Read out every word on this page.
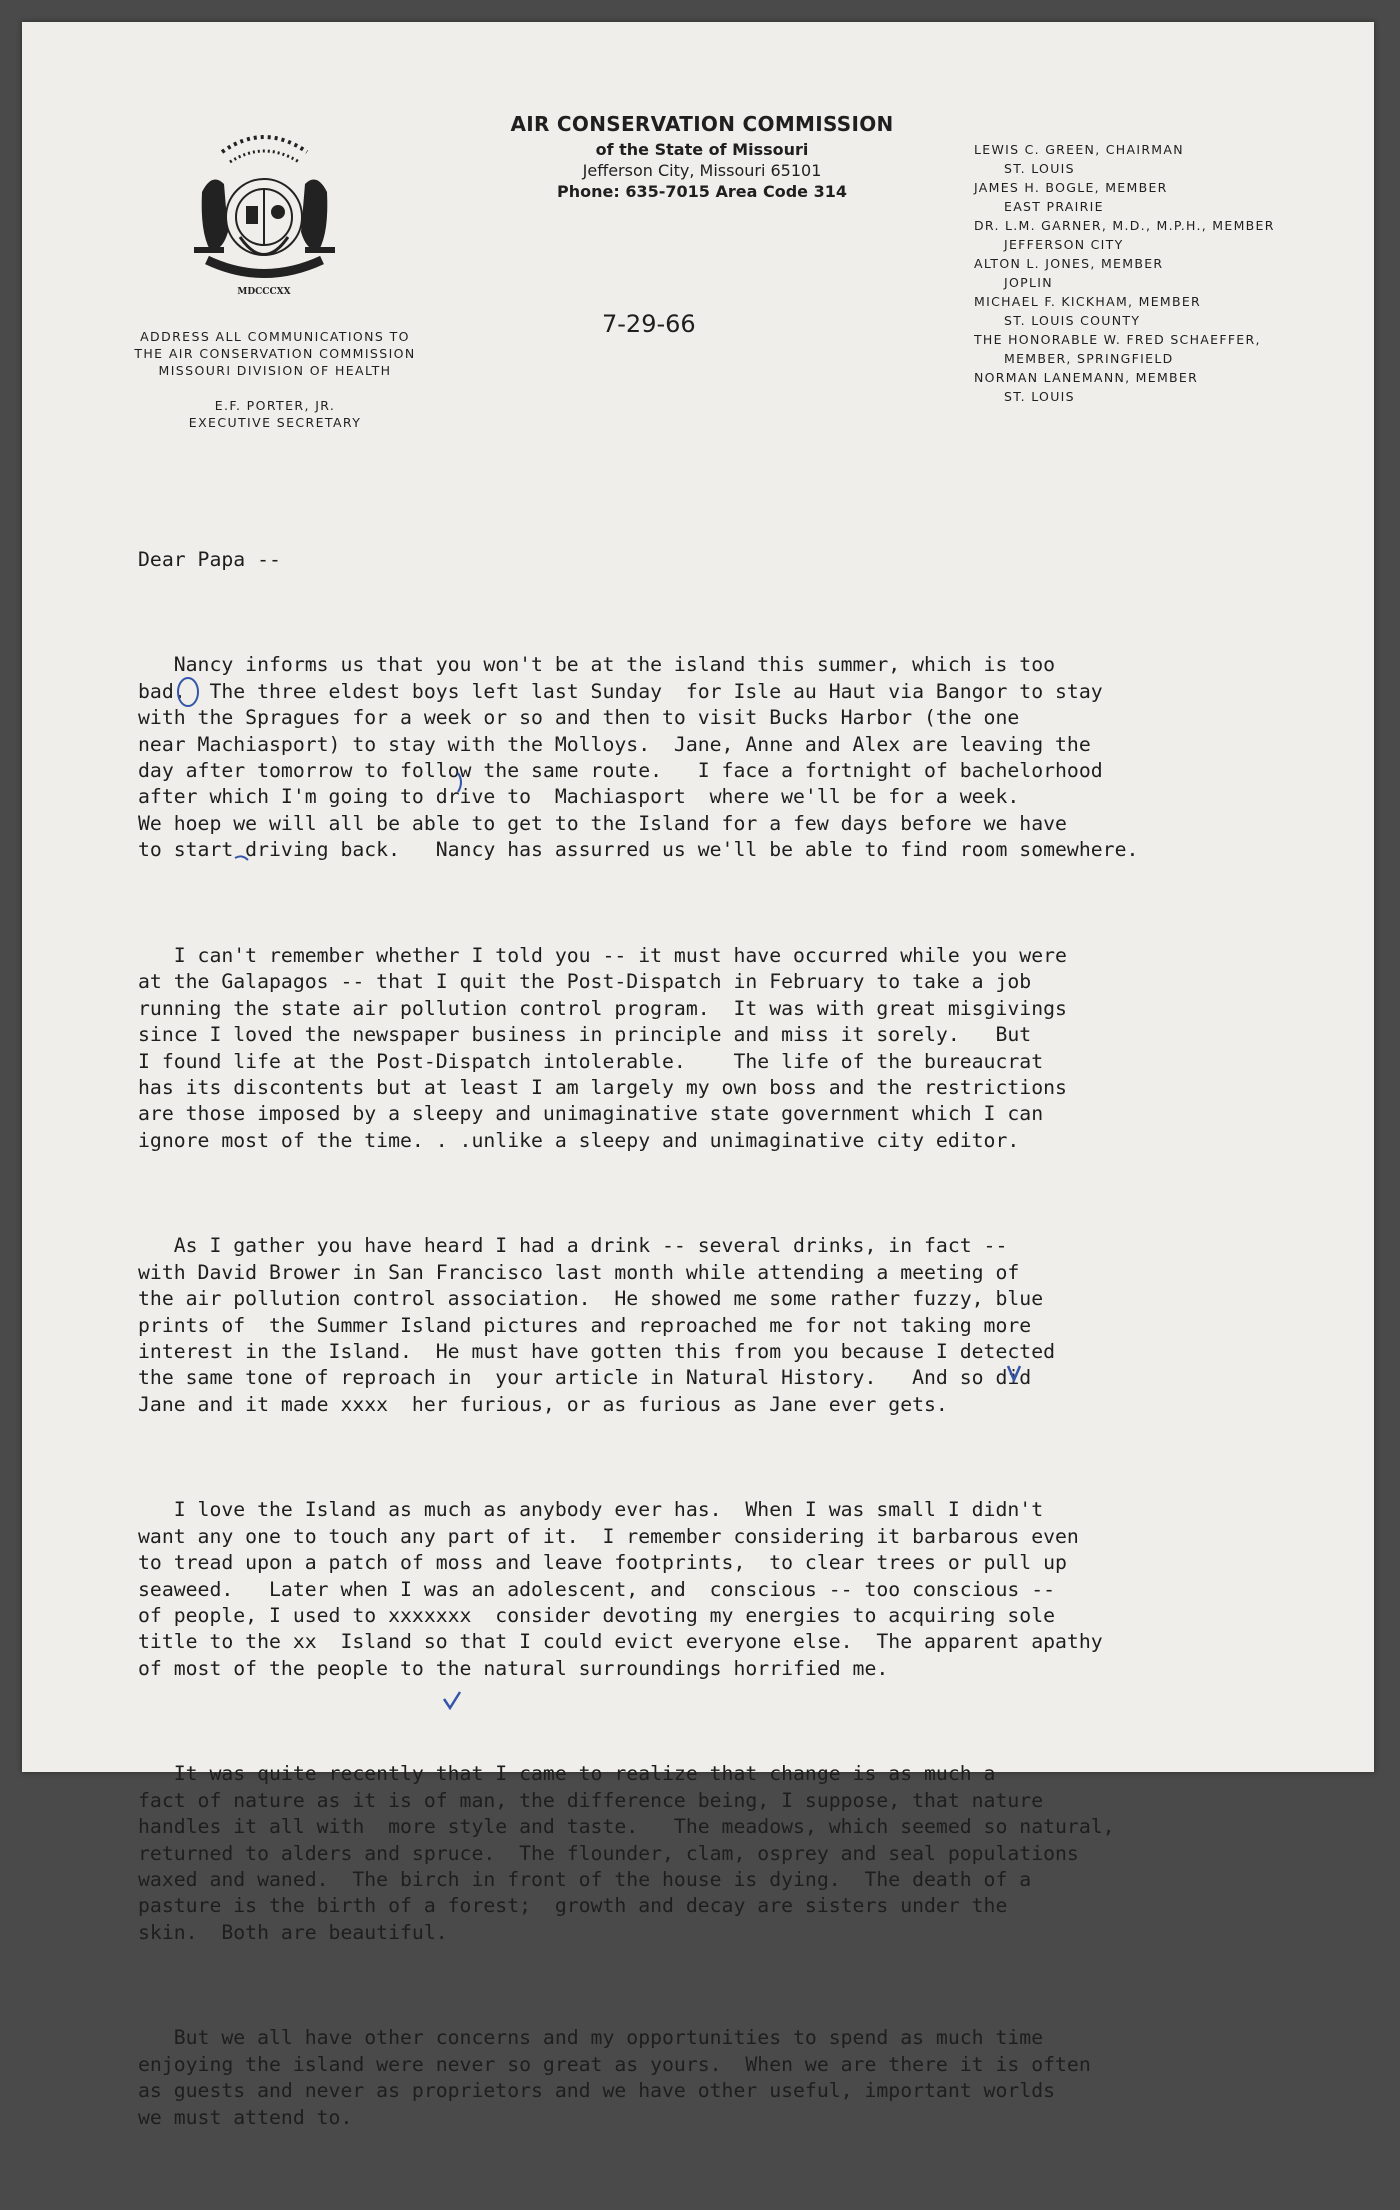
MDCCCXX
AIR CONSERVATION COMMISSION
of the State of Missouri
Jefferson City, Missouri 65101
Phone: 635-7015 Area Code 314
7-29-66
ADDRESS ALL COMMUNICATIONS TO
THE AIR CONSERVATION COMMISSION
MISSOURI DIVISION OF HEALTH
E.F. PORTER, JR.
EXECUTIVE SECRETARY
LEWIS C. GREEN, CHAIRMAN
ST. LOUIS
JAMES H. BOGLE, MEMBER
EAST PRAIRIE
DR. L.M. GARNER, M.D., M.P.H., MEMBER
JEFFERSON CITY
ALTON L. JONES, MEMBER
JOPLIN
MICHAEL F. KICKHAM, MEMBER
ST. LOUIS COUNTY
THE HONORABLE W. FRED SCHAEFFER,
MEMBER, SPRINGFIELD
NORMAN LANEMANN, MEMBER
ST. LOUIS

Dear Papa --

Nancy informs us that you won't be at the island this summer, which is too
bad.  The three eldest boys left last Sunday  for Isle au Haut via Bangor to stay
with the Spragues for a week or so and then to visit Bucks Harbor (the one
near Machiasport) to stay with the Molloys.  Jane, Anne and Alex are leaving the
day after tomorrow to follow the same route.   I face a fortnight of bachelorhood
after which I'm going to drive to  Machiasport  where we'll be for a week.
We hoep we will all be able to get to the Island for a few days before we have
to start driving back.   Nancy has assurred us we'll be able to find room somewhere.

I can't remember whether I told you -- it must have occurred while you were
at the Galapagos -- that I quit the Post-Dispatch in February to take a job
running the state air pollution control program.  It was with great misgivings
since I loved the newspaper business in principle and miss it sorely.   But
I found life at the Post-Dispatch intolerable.    The life of the bureaucrat
has its discontents but at least I am largely my own boss and the restrictions
are those imposed by a sleepy and unimaginative state government which I can
ignore most of the time. . .unlike a sleepy and unimaginative city editor.

As I gather you have heard I had a drink -- several drinks, in fact --
with David Brower in San Francisco last month while attending a meeting of
the air pollution control association.  He showed me some rather fuzzy, blue
prints of  the Summer Island pictures and reproached me for not taking more
interest in the Island.  He must have gotten this from you because I detected
the same tone of reproach in  your article in Natural History.   And so did
Jane and it made xxxx  her furious, or as furious as Jane ever gets.

I love the Island as much as anybody ever has.  When I was small I didn't
want any one to touch any part of it.  I remember considering it barbarous even
to tread upon a patch of moss and leave footprints,  to clear trees or pull up
seaweed.   Later when I was an adolescent, and  conscious -- too conscious --
of people, I used to xxxxxxx  consider devoting my energies to acquiring sole
title to the xx  Island so that I could evict everyone else.  The apparent apathy
of most of the people to the natural surroundings horrified me.

It was quite recently that I came to realize that change is as much a
fact of nature as it is of man, the difference being, I suppose, that nature
handles it all with  more style and taste.   The meadows, which seemed so natural,
returned to alders and spruce.  The flounder, clam, osprey and seal populations
waxed and waned.  The birch in front of the house is dying.  The death of a
pasture is the birth of a forest;  growth and decay are sisters under the
skin.  Both are beautiful.

But we all have other concerns and my opportunities to spend as much time
enjoying the island were never so great as yours.  When we are there it is often
as guests and never as proprietors and we have other useful, important worlds
we must attend to.
